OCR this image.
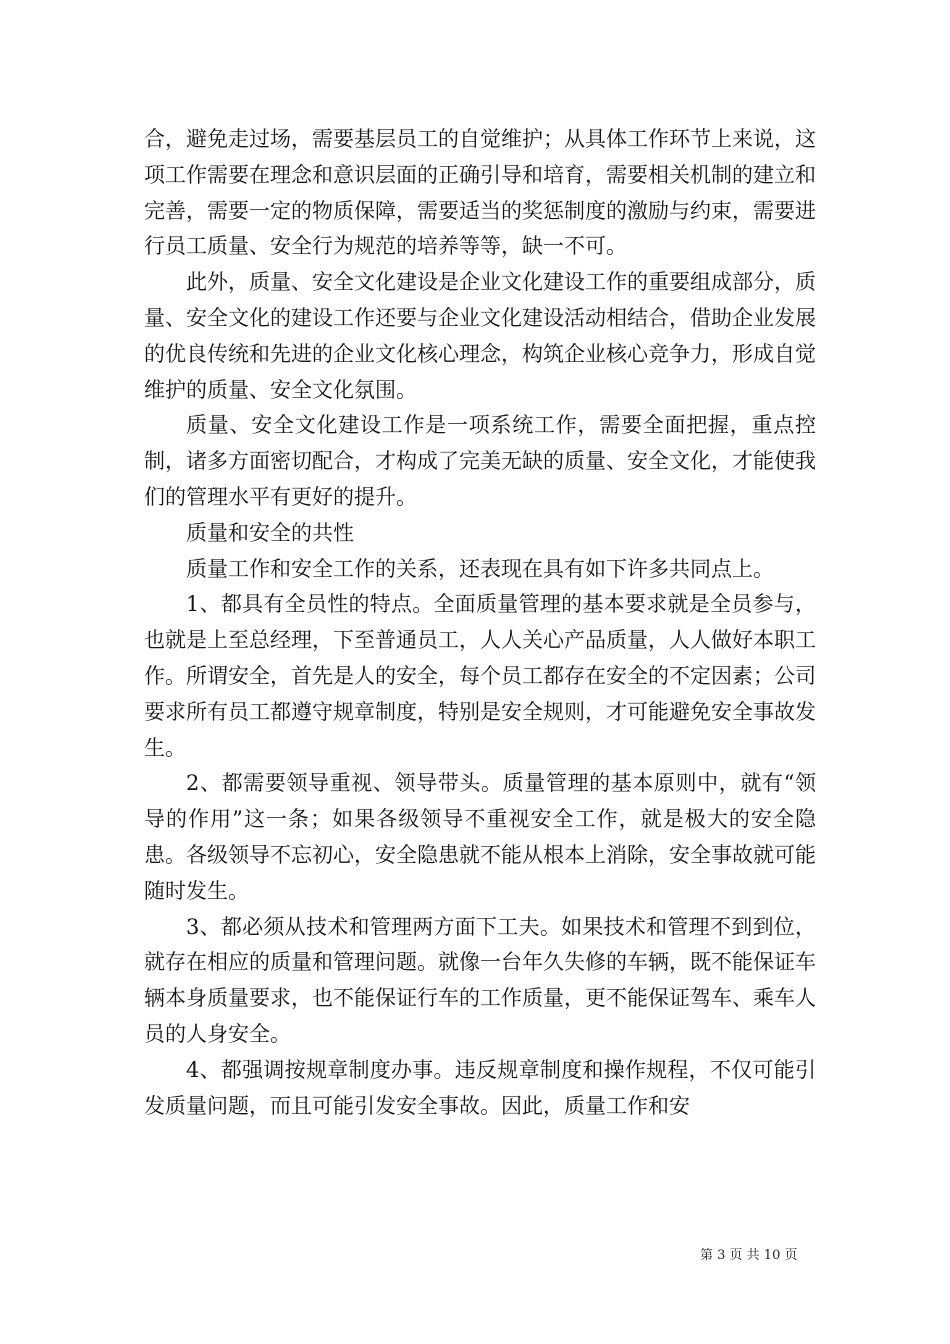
合，避免走过场，需要基层员工的自觉维护；从具体工作环节上来说，这项工作需要在理念和意识层面的正确引导和培育，需要相关机制的建立和完善，需要一定的物质保障，需要适当的奖惩制度的激励与约束，需要进行员工质量、安全行为规范的培养等等，缺一不可。

此外，质量、安全文化建设是企业文化建设工作的重要组成部分，质量、安全文化的建设工作还要与企业文化建设活动相结合，借助企业发展的优良传统和先进的企业文化核心理念，构筑企业核心竞争力，形成自觉维护的质量、安全文化氛围。

质量、安全文化建设工作是一项系统工作，需要全面把握，重点控制，诸多方面密切配合，才构成了完美无缺的质量、安全文化，才能使我们的管理水平有更好的提升。

质量和安全的共性

质量工作和安全工作的关系，还表现在具有如下许多共同点上。

1、都具有全员性的特点。全面质量管理的基本要求就是全员参与，也就是上至总经理，下至普通员工，人人关心产品质量，人人做好本职工作。所谓安全，首先是人的安全，每个员工都存在安全的不定因素；公司要求所有员工都遵守规章制度，特别是安全规则，才可能避免安全事故发生。

2、都需要领导重视、领导带头。质量管理的基本原则中，就有“领导的作用”这一条；如果各级领导不重视安全工作，就是极大的安全隐患。各级领导不忘初心，安全隐患就不能从根本上消除，安全事故就可能随时发生。

3、都必须从技术和管理两方面下工夫。如果技术和管理不到到位，就存在相应的质量和管理问题。就像一台年久失修的车辆，既不能保证车辆本身质量要求，也不能保证行车的工作质量，更不能保证驾车、乘车人员的人身安全。

4、都强调按规章制度办事。违反规章制度和操作规程，不仅可能引发质量问题，而且可能引发安全事故。因此，质量工作和安

第 3 页 共 10 页
